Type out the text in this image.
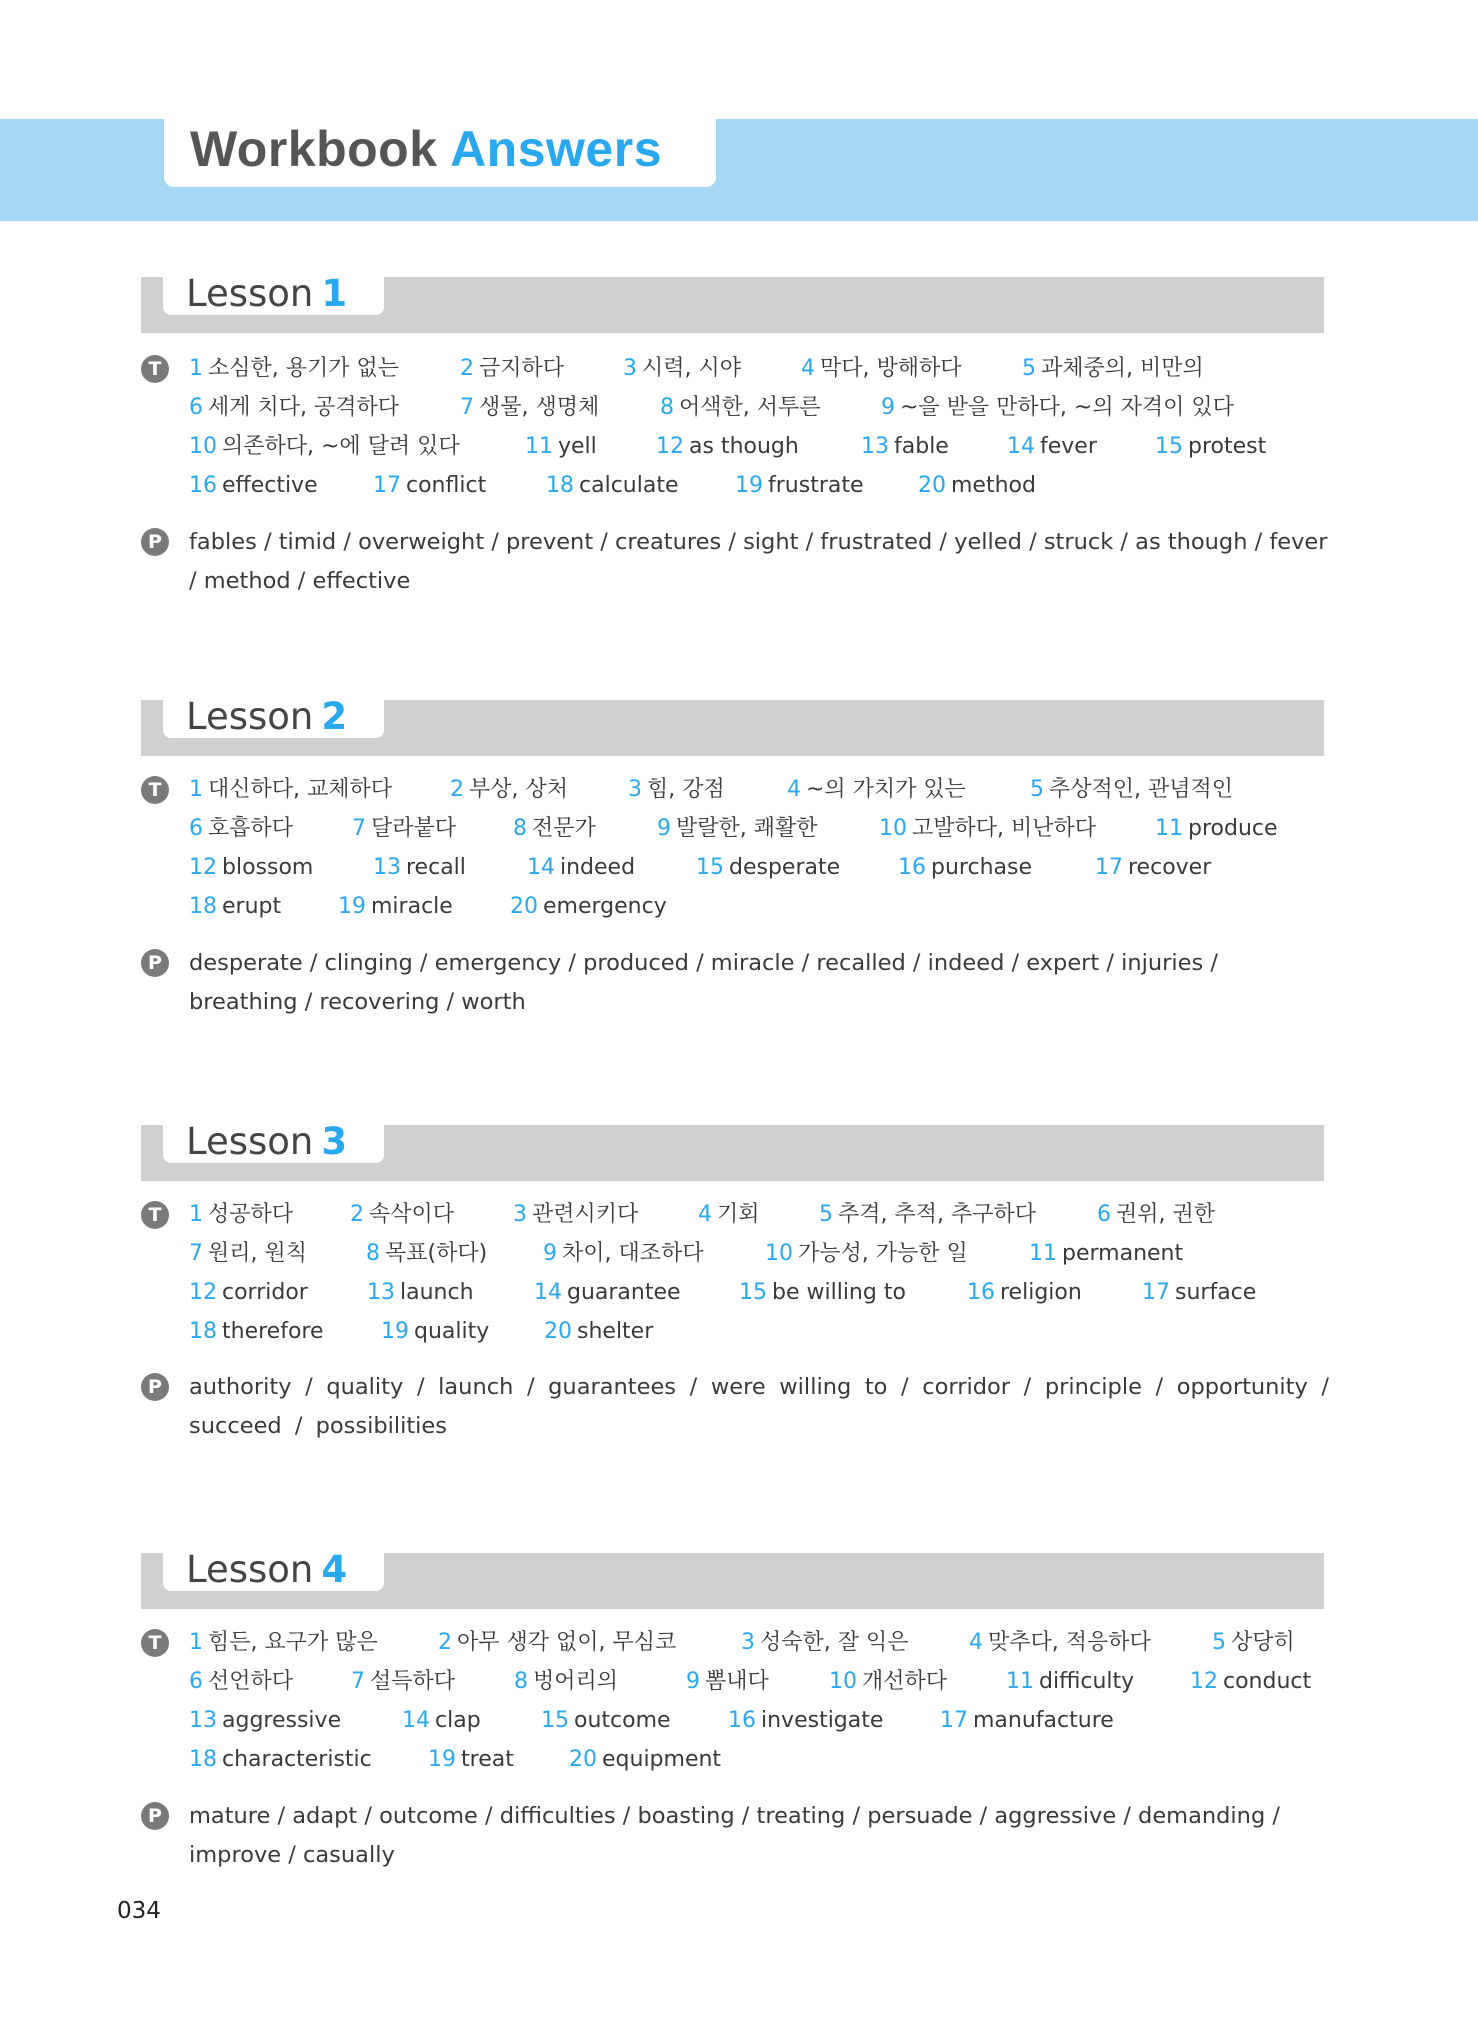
Workbook Answers
Lesson 1
T	1 소심한, 용기가 없는	2 금지하다	3 시력, 시야	4 막다, 방해하다	5 과체중의, 비만의
6 세게 치다, 공격하다	7 생물, 생명체	8 어색한, 서투른	9 ~을 받을 만하다, ~의 자격이 있다
10 의존하다, ~에 달려 있다	11 yell	12 as though	13 fable	14 fever	15 protest
16 effective	17 conflict	18 calculate	19 frustrate 20 method
P	fables / timid / overweight / prevent / creatures / sight / frustrated / yelled / struck / as though / fever / method / effective
Lesson 2
T	1 대신하다, 교체하다	2 부상, 상처	3 힘, 강점	4 ~의 가치가 있는	5 추상적인, 관념적인
6 호흡하다	7 달라붙다	8 전문가	9 발랄한, 쾌활한	10 고발하다, 비난하다	11 produce
12 blossom	13 recall	14 indeed	15 desperate	16 purchase	17 recover
18 erupt	19 miracle	20 emergency
P	desperate / clinging / emergency / produced / miracle / recalled / indeed / expert / injuries / breathing / recovering / worth
Lesson 3
T	1 성공하다	2 속삭이다	3 관련시키다	4 기회	5 추격, 추적, 추구하다	6 권위, 권한
7 원리, 원칙	8 목표(하다)	9 차이, 대조하다	10 가능성, 가능한 일	11 permanent
12 corridor	13 launch	14 guarantee	15 be willing to	16 religion	17 surface
18 therefore	19 quality 20 shelter
P	authority / quality / launch / guarantees / were willing to / corridor / principle / opportunity / succeed / possibilities
Lesson 4
T	1 힘든, 요구가 많은	2 아무 생각 없이, 무심코	3 성숙한, 잘 익은	4 맞추다, 적응하다	5 상당히
6 선언하다	7 설득하다	8 벙어리의	9 뽐내다	10 개선하다	11 difficulty	12 conduct
13 aggressive	14 clap	15 outcome	16 investigate	17 manufacture
18 characteristic	19 treat	20 equipment
P	mature / adapt / outcome / difficulties / boasting / treating / persuade / aggressive / demanding / improve / casually
034
